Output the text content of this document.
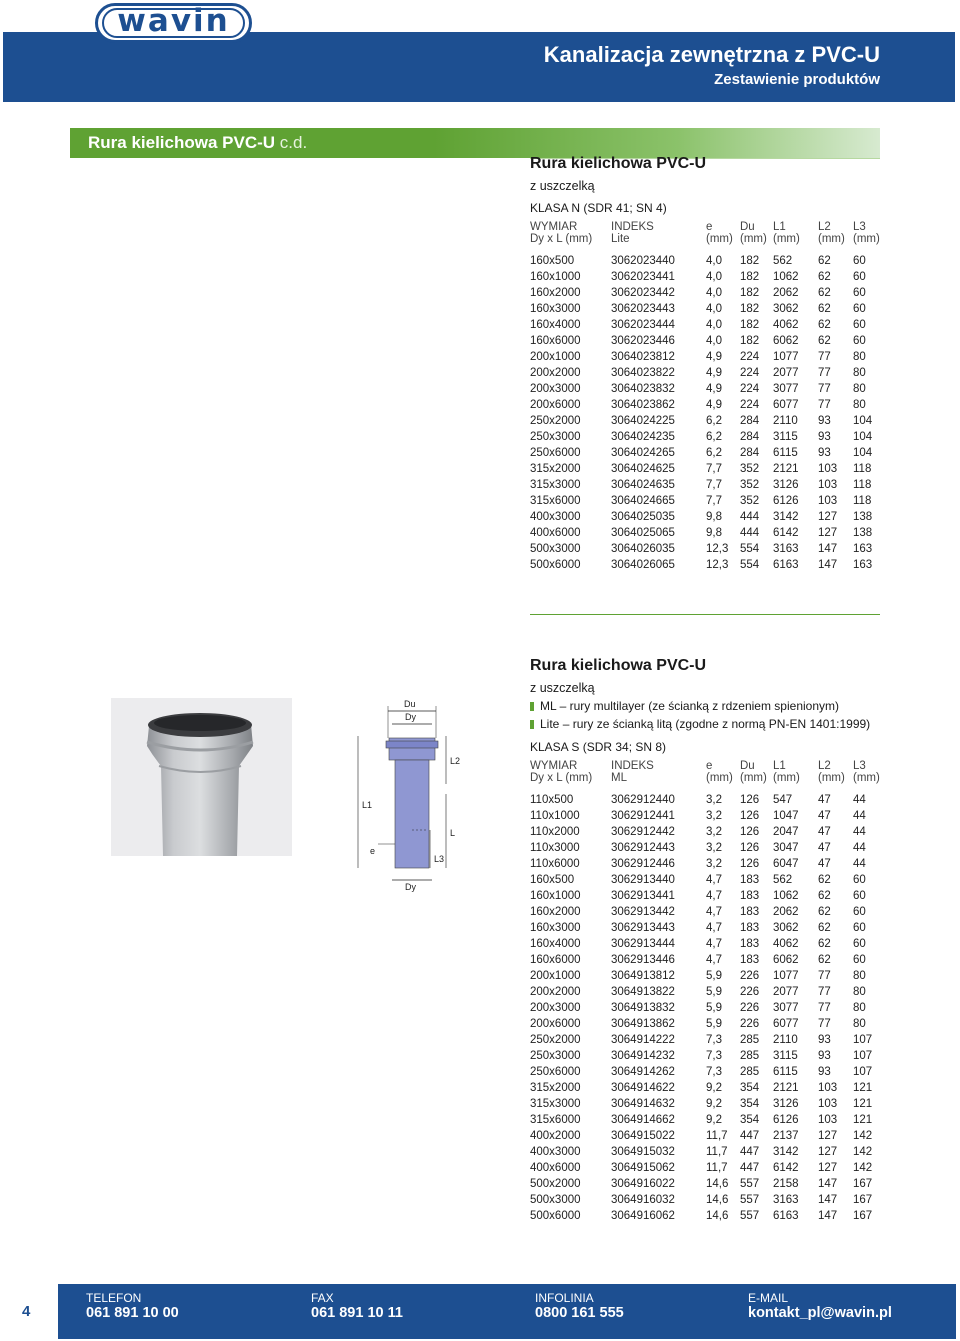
wavin
Kanalizacja zewnętrzna z PVC-U
Zestawienie produktów
Rura kielichowa PVC-U c.d.
Rura kielichowa PVC-U
z uszczelką
KLASA N (SDR 41; SN 4)
WYMIAR	INDEKS	e	Du	L1	L2	L3
Dy x L (mm)	Lite	(mm)	(mm)	(mm)	(mm)	(mm)

160x500	3062023440	4,0	182	562	62	60
160x1000	3062023441	4,0	182	1062	62	60
160x2000	3062023442	4,0	182	2062	62	60
160x3000	3062023443	4,0	182	3062	62	60
160x4000	3062023444	4,0	182	4062	62	60
160x6000	3062023446	4,0	182	6062	62	60
200x1000	3064023812	4,9	224	1077	77	80
200x2000	3064023822	4,9	224	2077	77	80
200x3000	3064023832	4,9	224	3077	77	80
200x6000	3064023862	4,9	224	6077	77	80
250x2000	3064024225	6,2	284	2110	93	104
250x3000	3064024235	6,2	284	3115	93	104
250x6000	3064024265	6,2	284	6115	93	104
315x2000	3064024625	7,7	352	2121	103	118
315x3000	3064024635	7,7	352	3126	103	118
315x6000	3064024665	7,7	352	6126	103	118
400x3000	3064025035	9,8	444	3142	127	138
400x6000	3064025065	9,8	444	6142	127	138
500x3000	3064026035	12,3	554	3163	147	163
500x6000	3064026065	12,3	554	6163	147	163
Rura kielichowa PVC-U
z uszczelką
ML – rury multilayer (ze ścianką z rdzeniem spienionym)
Lite – rury ze ścianką litą (zgodne z normą PN-EN 1401:1999)
KLASA S (SDR 34; SN 8)
WYMIAR	INDEKS	e	Du	L1	L2	L3
Dy x L (mm)	ML	(mm)	(mm)	(mm)	(mm)	(mm)

110x500	3062912440	3,2	126	547	47	44
110x1000	3062912441	3,2	126	1047	47	44
110x2000	3062912442	3,2	126	2047	47	44
110x3000	3062912443	3,2	126	3047	47	44
110x6000	3062912446	3,2	126	6047	47	44
160x500	3062913440	4,7	183	562	62	60
160x1000	3062913441	4,7	183	1062	62	60
160x2000	3062913442	4,7	183	2062	62	60
160x3000	3062913443	4,7	183	3062	62	60
160x4000	3062913444	4,7	183	4062	62	60
160x6000	3062913446	4,7	183	6062	62	60
200x1000	3064913812	5,9	226	1077	77	80
200x2000	3064913822	5,9	226	2077	77	80
200x3000	3064913832	5,9	226	3077	77	80
200x6000	3064913862	5,9	226	6077	77	80
250x2000	3064914222	7,3	285	2110	93	107
250x3000	3064914232	7,3	285	3115	93	107
250x6000	3064914262	7,3	285	6115	93	107
315x2000	3064914622	9,2	354	2121	103	121
315x3000	3064914632	9,2	354	3126	103	121
315x6000	3064914662	9,2	354	6126	103	121
400x2000	3064915022	11,7	447	2137	127	142
400x3000	3064915032	11,7	447	3142	127	142
400x6000	3064915062	11,7	447	6142	127	142
500x2000	3064916022	14,6	557	2158	147	167
500x3000	3064916032	14,6	557	3163	147	167
500x6000	3064916062	14,6	557	6163	147	167
Du
Dy
L2
L1
L
e
L3
Dy
4
TELEFON
061 891 10 00
FAX
061 891 10 11
INFOLINIA
0800 161 555
E-MAIL
kontakt_pl@wavin.pl
